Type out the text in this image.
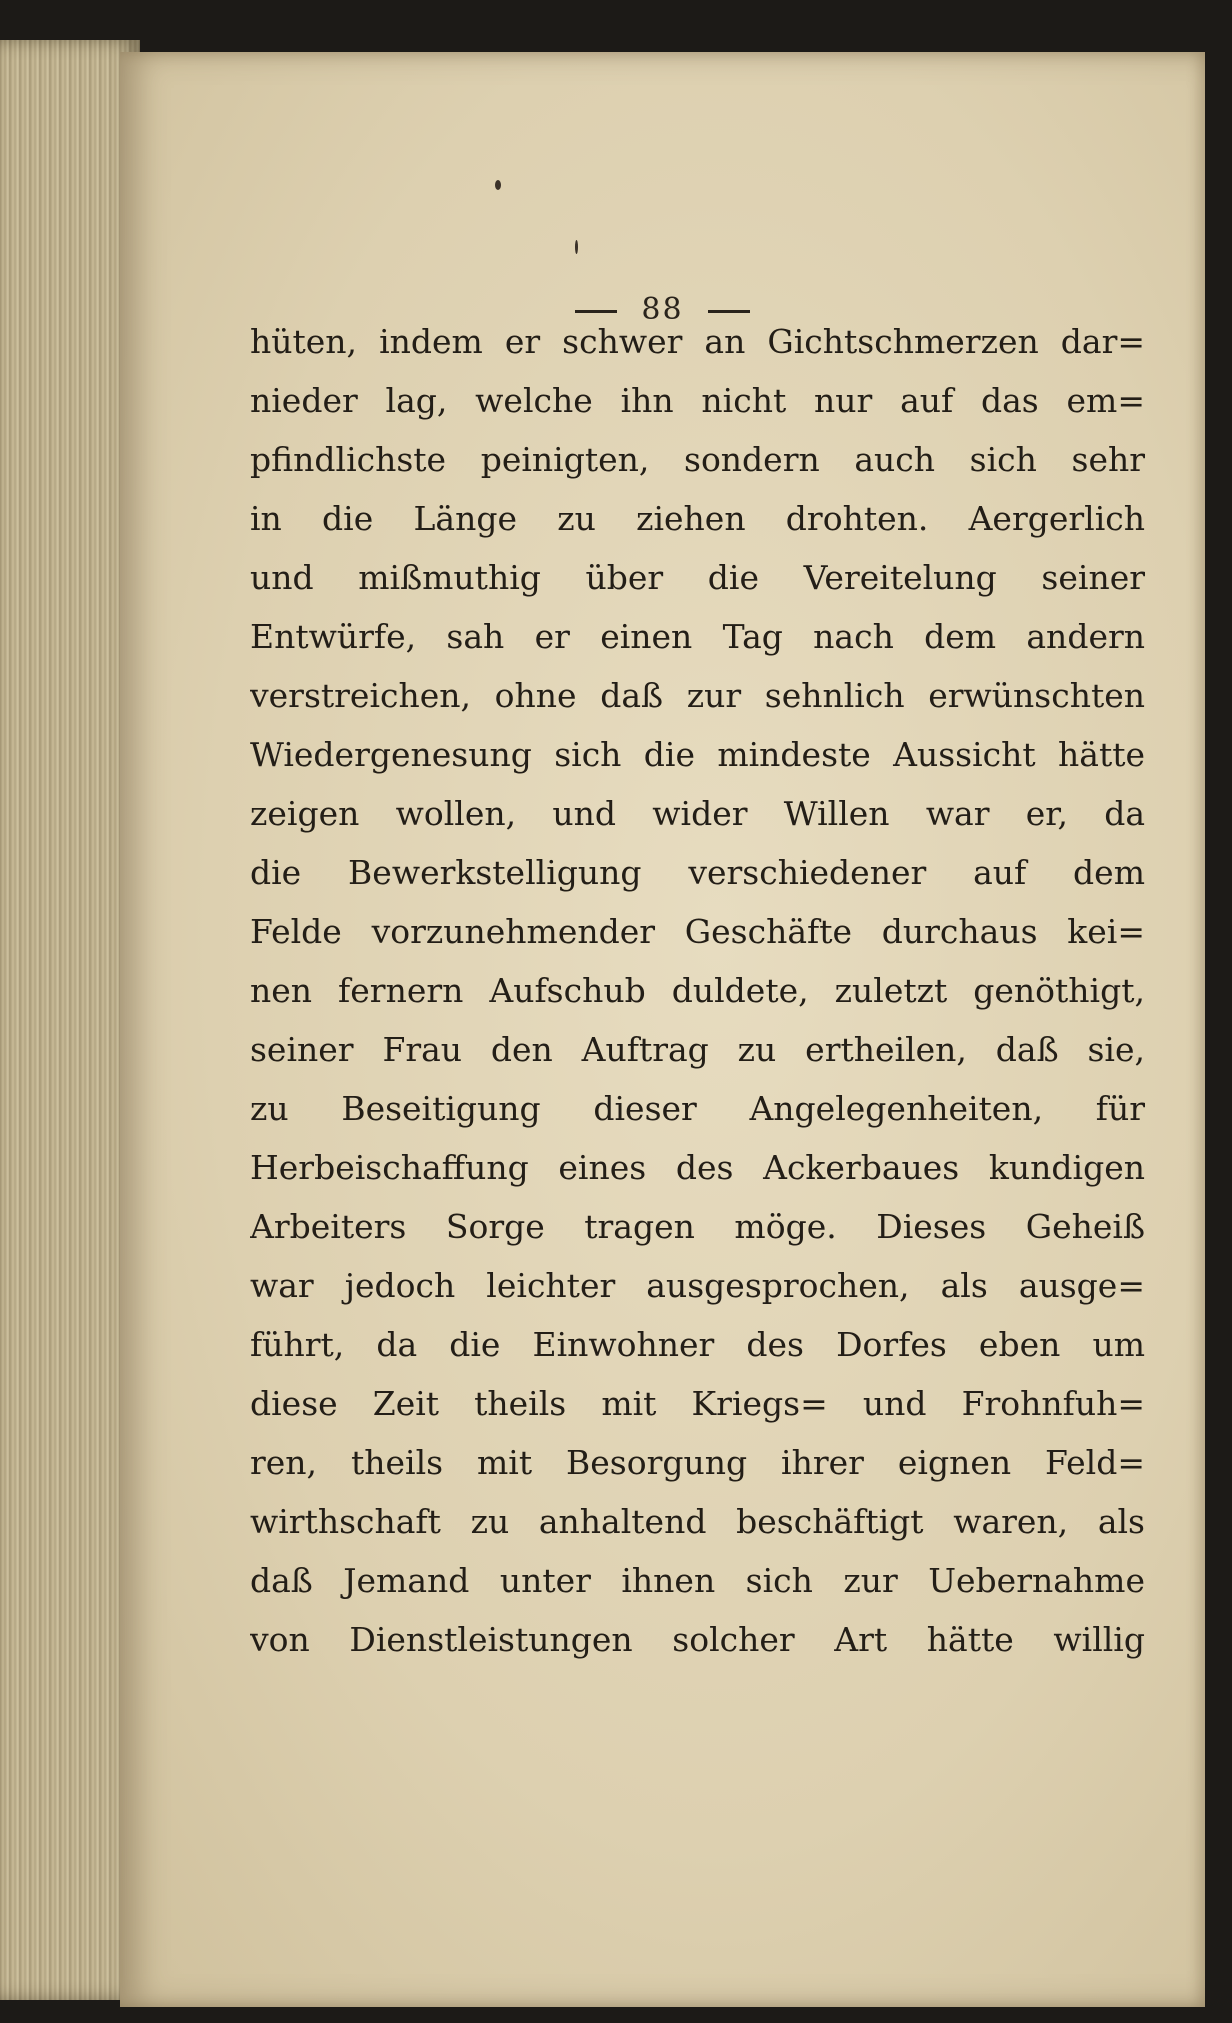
88
hüten, indem er schwer an Gichtschmerzen dar=
nieder lag, welche ihn nicht nur auf das em=
pfindlichste peinigten, sondern auch sich sehr
in die Länge zu ziehen drohten. Aergerlich
und mißmuthig über die Vereitelung seiner
Entwürfe, sah er einen Tag nach dem andern
verstreichen, ohne daß zur sehnlich erwünschten
Wiedergenesung sich die mindeste Aussicht hätte
zeigen wollen, und wider Willen war er, da
die Bewerkstelligung verschiedener auf dem
Felde vorzunehmender Geschäfte durchaus kei=
nen fernern Aufschub duldete, zuletzt genöthigt,
seiner Frau den Auftrag zu ertheilen, daß sie,
zu Beseitigung dieser Angelegenheiten, für
Herbeischaffung eines des Ackerbaues kundigen
Arbeiters Sorge tragen möge. Dieses Geheiß
war jedoch leichter ausgesprochen, als ausge=
führt, da die Einwohner des Dorfes eben um
diese Zeit theils mit Kriegs= und Frohnfuh=
ren, theils mit Besorgung ihrer eignen Feld=
wirthschaft zu anhaltend beschäftigt waren, als
daß Jemand unter ihnen sich zur Uebernahme
von Dienstleistungen solcher Art hätte willig
